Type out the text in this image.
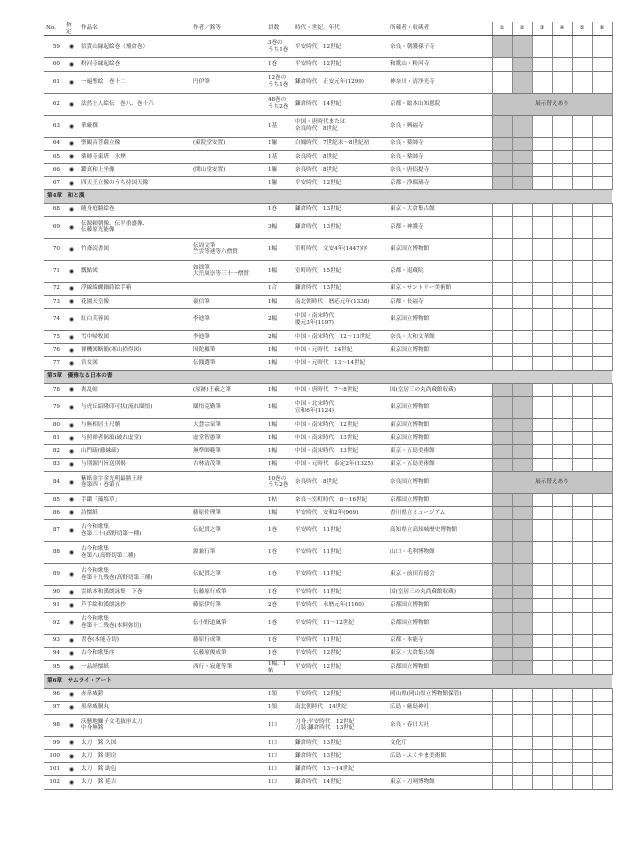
No.	指定	作品名	作者／銘等	員数	時代・世紀、年代	所蔵者・収蔵者	①	②	③	④	⑤	⑥
59	◉	信貴山縁起絵巻（飛倉巻）		3巻の
うち1巻	平安時代　12世紀	奈良・朝護孫子寺						
60	◉	粉河寺縁起絵巻		1巻	平安時代　12世紀	和歌山・粉河寺						
61	◉	一遍聖絵　巻十二	円伊筆	12巻の
うち1巻	鎌倉時代　正安元年(1299)	神奈川・清浄光寺						
62	◉	法然上人絵伝　巻八、巻十六		48巻の
うち2巻	鎌倉時代　14世紀	京都・総本山知恩院	展示替えあり					
63	◉	華厳撰		1基	中国・唐時代または
奈良時代　8世紀	奈良・興福寺						
64	◉	聖観音菩薩立像	(東院堂安置)	1軀	白鳳時代　7世紀末〜8世紀初	奈良・薬師寺						
65	◉	薬師寺東塔　水煙		1基	奈良時代　8世紀	奈良・薬師寺						
66	◉	鑑真和上坐像	(開山堂安置)	1軀	奈良時代　8世紀	奈良・唐招提寺						
67	◉	四天王立像のうち持国天像		1軀	平安時代　12世紀	京都・浄瑠璃寺						
第4章　和と漢												
68	◉	随身庭騎絵巻		1巻	鎌倉時代　13世紀	東京・大倉集古館						
69	◉	伝源頼朝像、伝平重盛像、
伝藤原光能像		3幅	鎌倉時代　13世紀	京都・神護寺						
70	◉	竹斎読書図	伝周文筆
竺雲等連等六僧賛	1幅	室町時代　文安4年(1447)序	東京国立博物館						
71	◉	瓢鮎図	如拙筆
大岳周崇等三十一僧賛	1幅	室町時代　15世紀	京都・退蔵院						
72	◉	浮線綾螺鈿蒔絵手箱		1合	鎌倉時代　13世紀	東京・サントリー美術館						
73	◉	花園天皇像	豪信筆	1幅	南北朝時代　暦応元年(1338)	京都・長福寺						
74	◉	紅白芙蓉図	李迪筆	2幅	中国・南宋時代
慶元3年(1197)	東京国立博物館						
75	◉	雪中帰牧図	李迪筆	2幅	中国・南宋時代　12〜13世紀	奈良・大和文華館						
76	◉	禅機図断簡(寒山拾得図)	因陀羅筆	1幅	中国・元時代　14世紀	東京国立博物館						
77	◉	宮女図	伝銭選筆	1幅	中国・元時代　13〜14世紀							
第5章　優雅なる日本の書												
78	◉	喪乱帖	(原跡)王羲之筆	1幅	中国・唐時代　7〜8世紀	国(皇居三の丸尚蔵館収蔵)						
79	◉	与虎丘紹隆印可状(流れ圜悟)	圜悟克勤筆	1幅	中国・北宋時代
宣和6年(1124)	東京国立博物館						
80	◉	与無相居士尺牘	大慧宗杲筆	1幅	中国・南宋時代　12世紀	東京国立博物館						
81	◉	与照禅者偈頌(破れ虚堂)	虚堂智愚筆	1幅	中国・南宋時代　13世紀	東京国立博物館						
82	◉	山門疏(藤縁疏)	無準師範筆	1幅	中国・南宋時代　13世紀	東京・五島美術館						
83	◉	与別源円旨送別偈	古林清茂筆	1幅	中国・元時代　泰定2年(1325)	東京・五島美術館						
84	◉	紫紙金字金光明最勝王経
巻第四・巻第五		10巻の
うち2巻	奈良時代　8世紀	奈良国立博物館	展示替えあり					
85	◉	手鑑「藻塩草」		1帖	奈良〜室町時代　8〜16世紀	京都国立博物館						
86	◉	詩懐紙	藤原佐理筆	1幅	平安時代　安和2年(969)	香川県立ミュージアム						
87	◉	古今和歌集
巻第二十(高野切第一種)	伝紀貫之筆	1巻	平安時代　11世紀	高知県立高知城歴史博物館						
88	◉	古今和歌集
巻第八(高野切第二種)	源兼行筆	1巻	平安時代　11世紀	山口・毛利博物館						
89	◉	古今和歌集
巻第十九残巻(高野切第三種)	伝紀貫之筆	1巻	平安時代　11世紀	東京・前田育徳会						
90	◉	雲紙本和漢朗詠集　下巻	伝藤原行成筆	1巻	平安時代　11世紀	国(皇居三の丸尚蔵館収蔵)						
91	◉	芦手絵和漢朗詠抄	藤原伊行筆	2巻	平安時代　永暦元年(1160)	京都国立博物館						
92	◉	古今和歌集
巻第十二残巻(本阿弥切)	伝小野道風筆	1巻	平安時代　11〜12世紀	京都国立博物館						
93	◉	書巻(本能寺切)	藤原行成筆	1巻	平安時代　11世紀	京都・本能寺						
94	◉	古今和歌集序	伝藤原俊成筆	1巻	平安時代　12世紀	東京・大倉集古館						
95	◉	一品経懐紙	西行・寂蓮等筆	1幅、1帖	平安時代　12世紀	京都国立博物館						
第6章　サムライ・アート												
96	◉	赤韋威鎧		1領	平安時代　12世紀	岡山県(岡山県立博物館保管)						
97	◉	黒韋威胴丸		1領	南北朝時代　14世紀	広島・厳島神社						
98	◉	沃懸地獅子文毛抜形太刀
中身無銘		1口	刀身:平安時代　12世紀
刀装:鎌倉時代　13世紀	奈良・春日大社						
99	◉	太刀　銘 久国		1口	鎌倉時代　13世紀	文化庁						
100	◉	太刀　銘 則房		1口	鎌倉時代　13世紀	広島・ふくやま美術館						
101	◉	太刀　銘 助包		1口	鎌倉時代　13〜14世紀							
102	◉	太刀　銘 延吉		1口	鎌倉時代　14世紀	東京・刀剣博物館						
